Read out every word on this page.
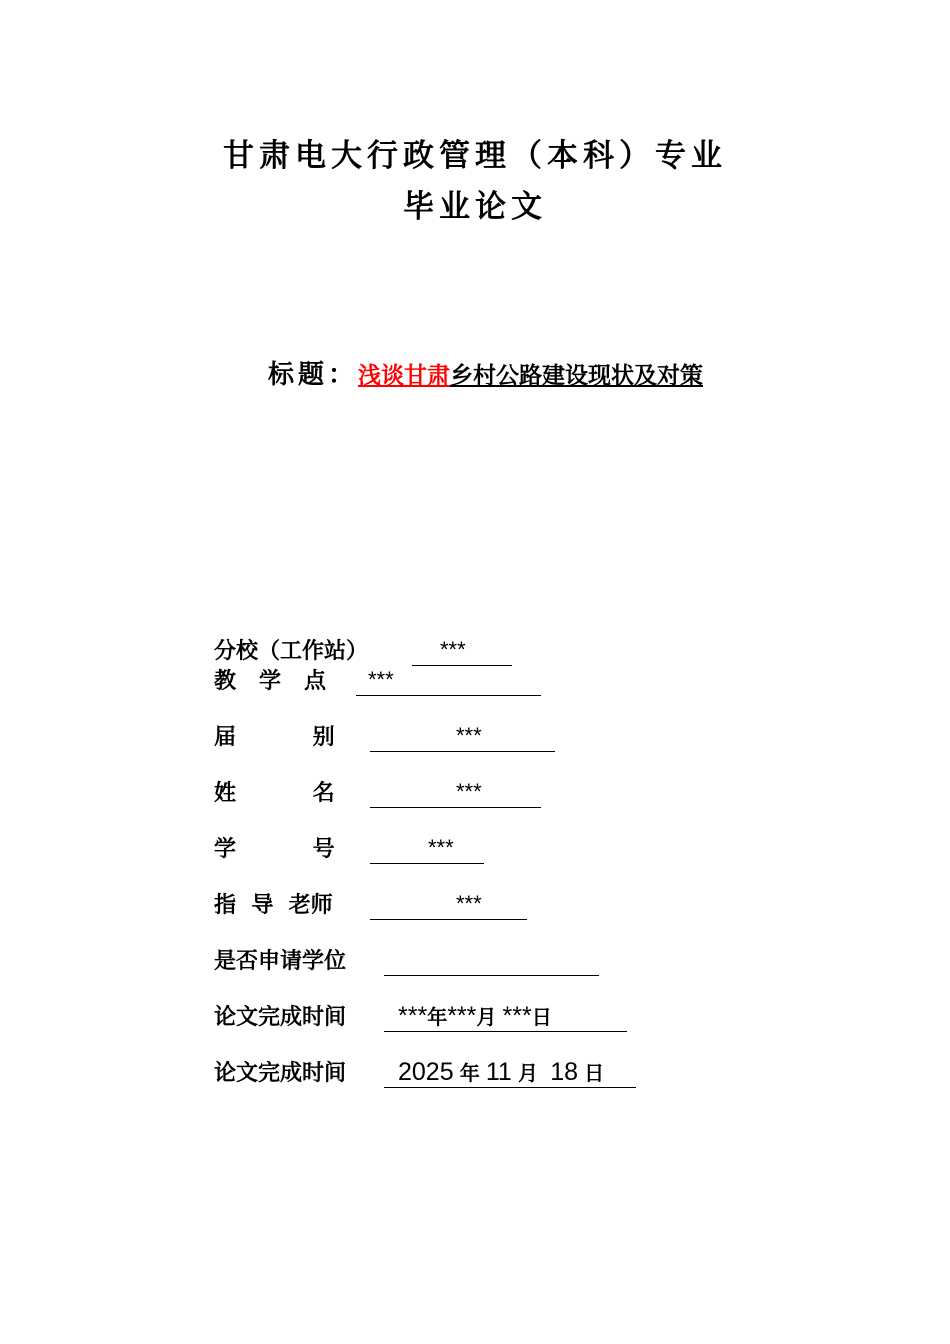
甘肃电大行政管理（本科）专业
毕业论文
标题：浅谈甘肃乡村公路建设现状及对策
分校（工作站）	***
教   学   点	***
届          别	***
姓          名	***
学          号	***
指  导  老师	***
是否申请学位
论文完成时间	***年***月 ***日
论文完成时间	2025 年 11 月 18 日
